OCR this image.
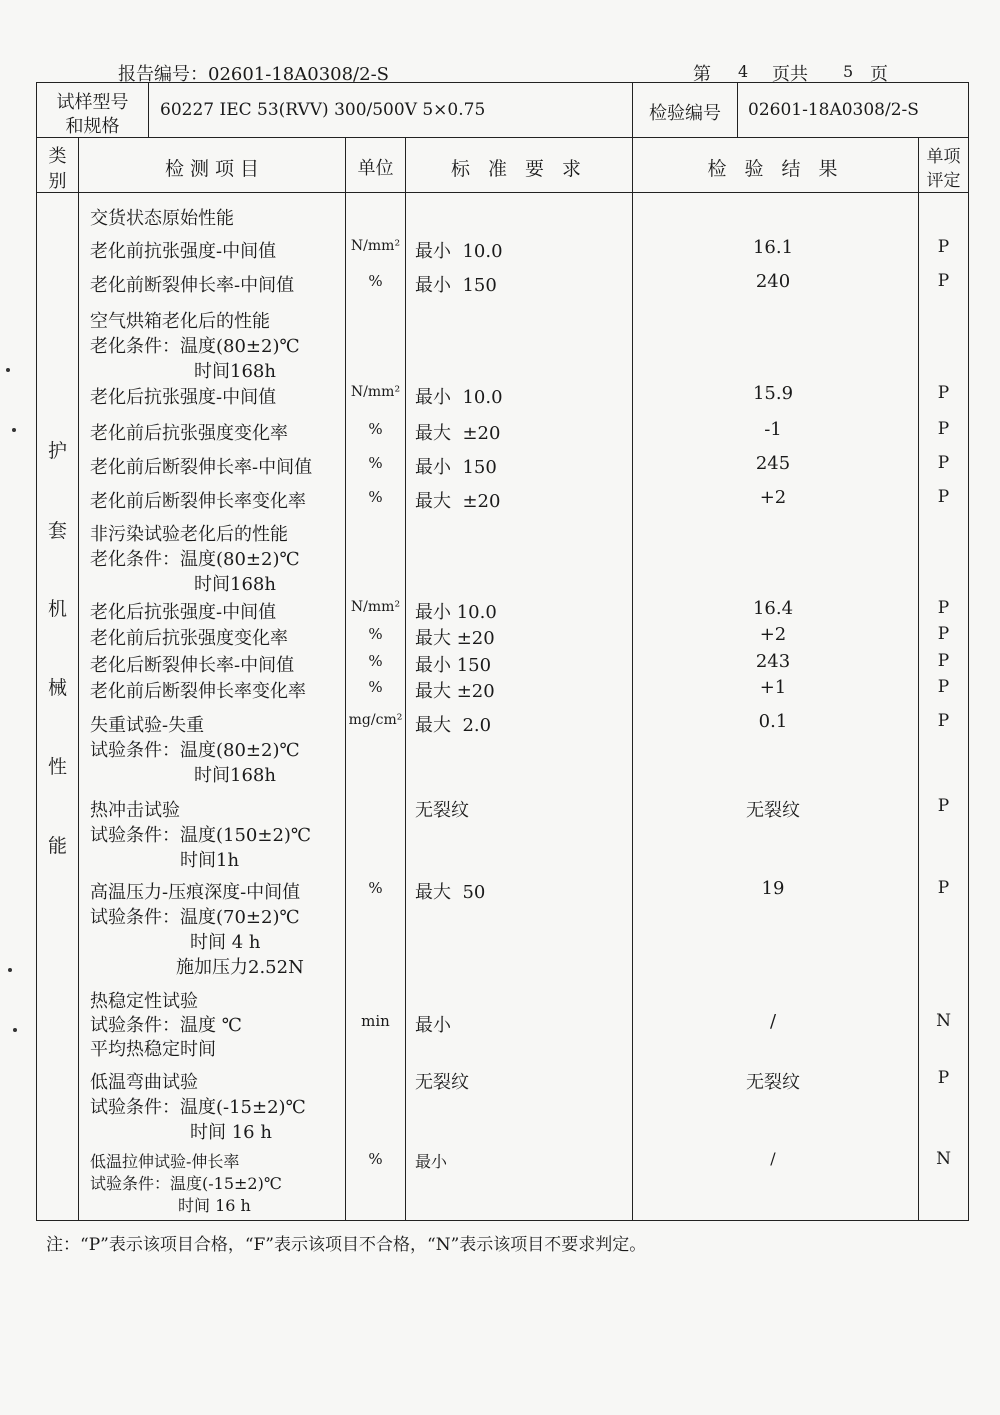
报告编号：02601-18A0308/2-S	第 4 页共 5 页
试样型号
和规格
60227 IEC 53(RVV) 300/500V 5×0.75	检验编号	02601-18A0308/2-S
类
别
检 测 项 目	单位	标 准 要 求	检 验 结 果
单项
评定
护
套
机
械
性
能
交货状态原始性能
老化前抗张强度-中间值	N/mm² 最小  10.0	16.1	P
老化前断裂伸长率-中间值	%	最小  150	240	P
空气烘箱老化后的性能
老化条件：温度(80±2)℃
时间168h
老化后抗张强度-中间值	N/mm² 最小  10.0	15.9	P
老化前后抗张强度变化率	%	最大  ±20	-1	P
老化前后断裂伸长率-中间值	%	最小  150	245	P
老化前后断裂伸长率变化率	%	最大  ±20	+2	P
非污染试验老化后的性能
老化条件：温度(80±2)℃
时间168h
老化后抗张强度-中间值	N/mm² 最小 10.0	16.4	P
老化前后抗张强度变化率	%	最大 ±20	+2	P
老化后断裂伸长率-中间值	%	最小 150	243	P
老化前后断裂伸长率变化率	%	最大 ±20	+1	P
失重试验-失重
试验条件：温度(80±2)℃
时间168h
mg/cm² 最大  2.0	0.1	P
热冲击试验
试验条件：温度(150±2)℃
时间1h
无裂纹	无裂纹	P
高温压力-压痕深度-中间值
试验条件：温度(70±2)℃
时间 4 h
施加压力2.52N
%	最大  50	19	P
热稳定性试验
试验条件：温度 ℃
平均热稳定时间
min	最小	/	N
低温弯曲试验
试验条件：温度(-15±2)℃
时间 16 h
无裂纹	无裂纹	P
低温拉伸试验-伸长率
试验条件：温度(-15±2)℃
时间 16 h
%	最小	/	N
注：“P”表示该项目合格，“F”表示该项目不合格，“N”表示该项目不要求判定。
